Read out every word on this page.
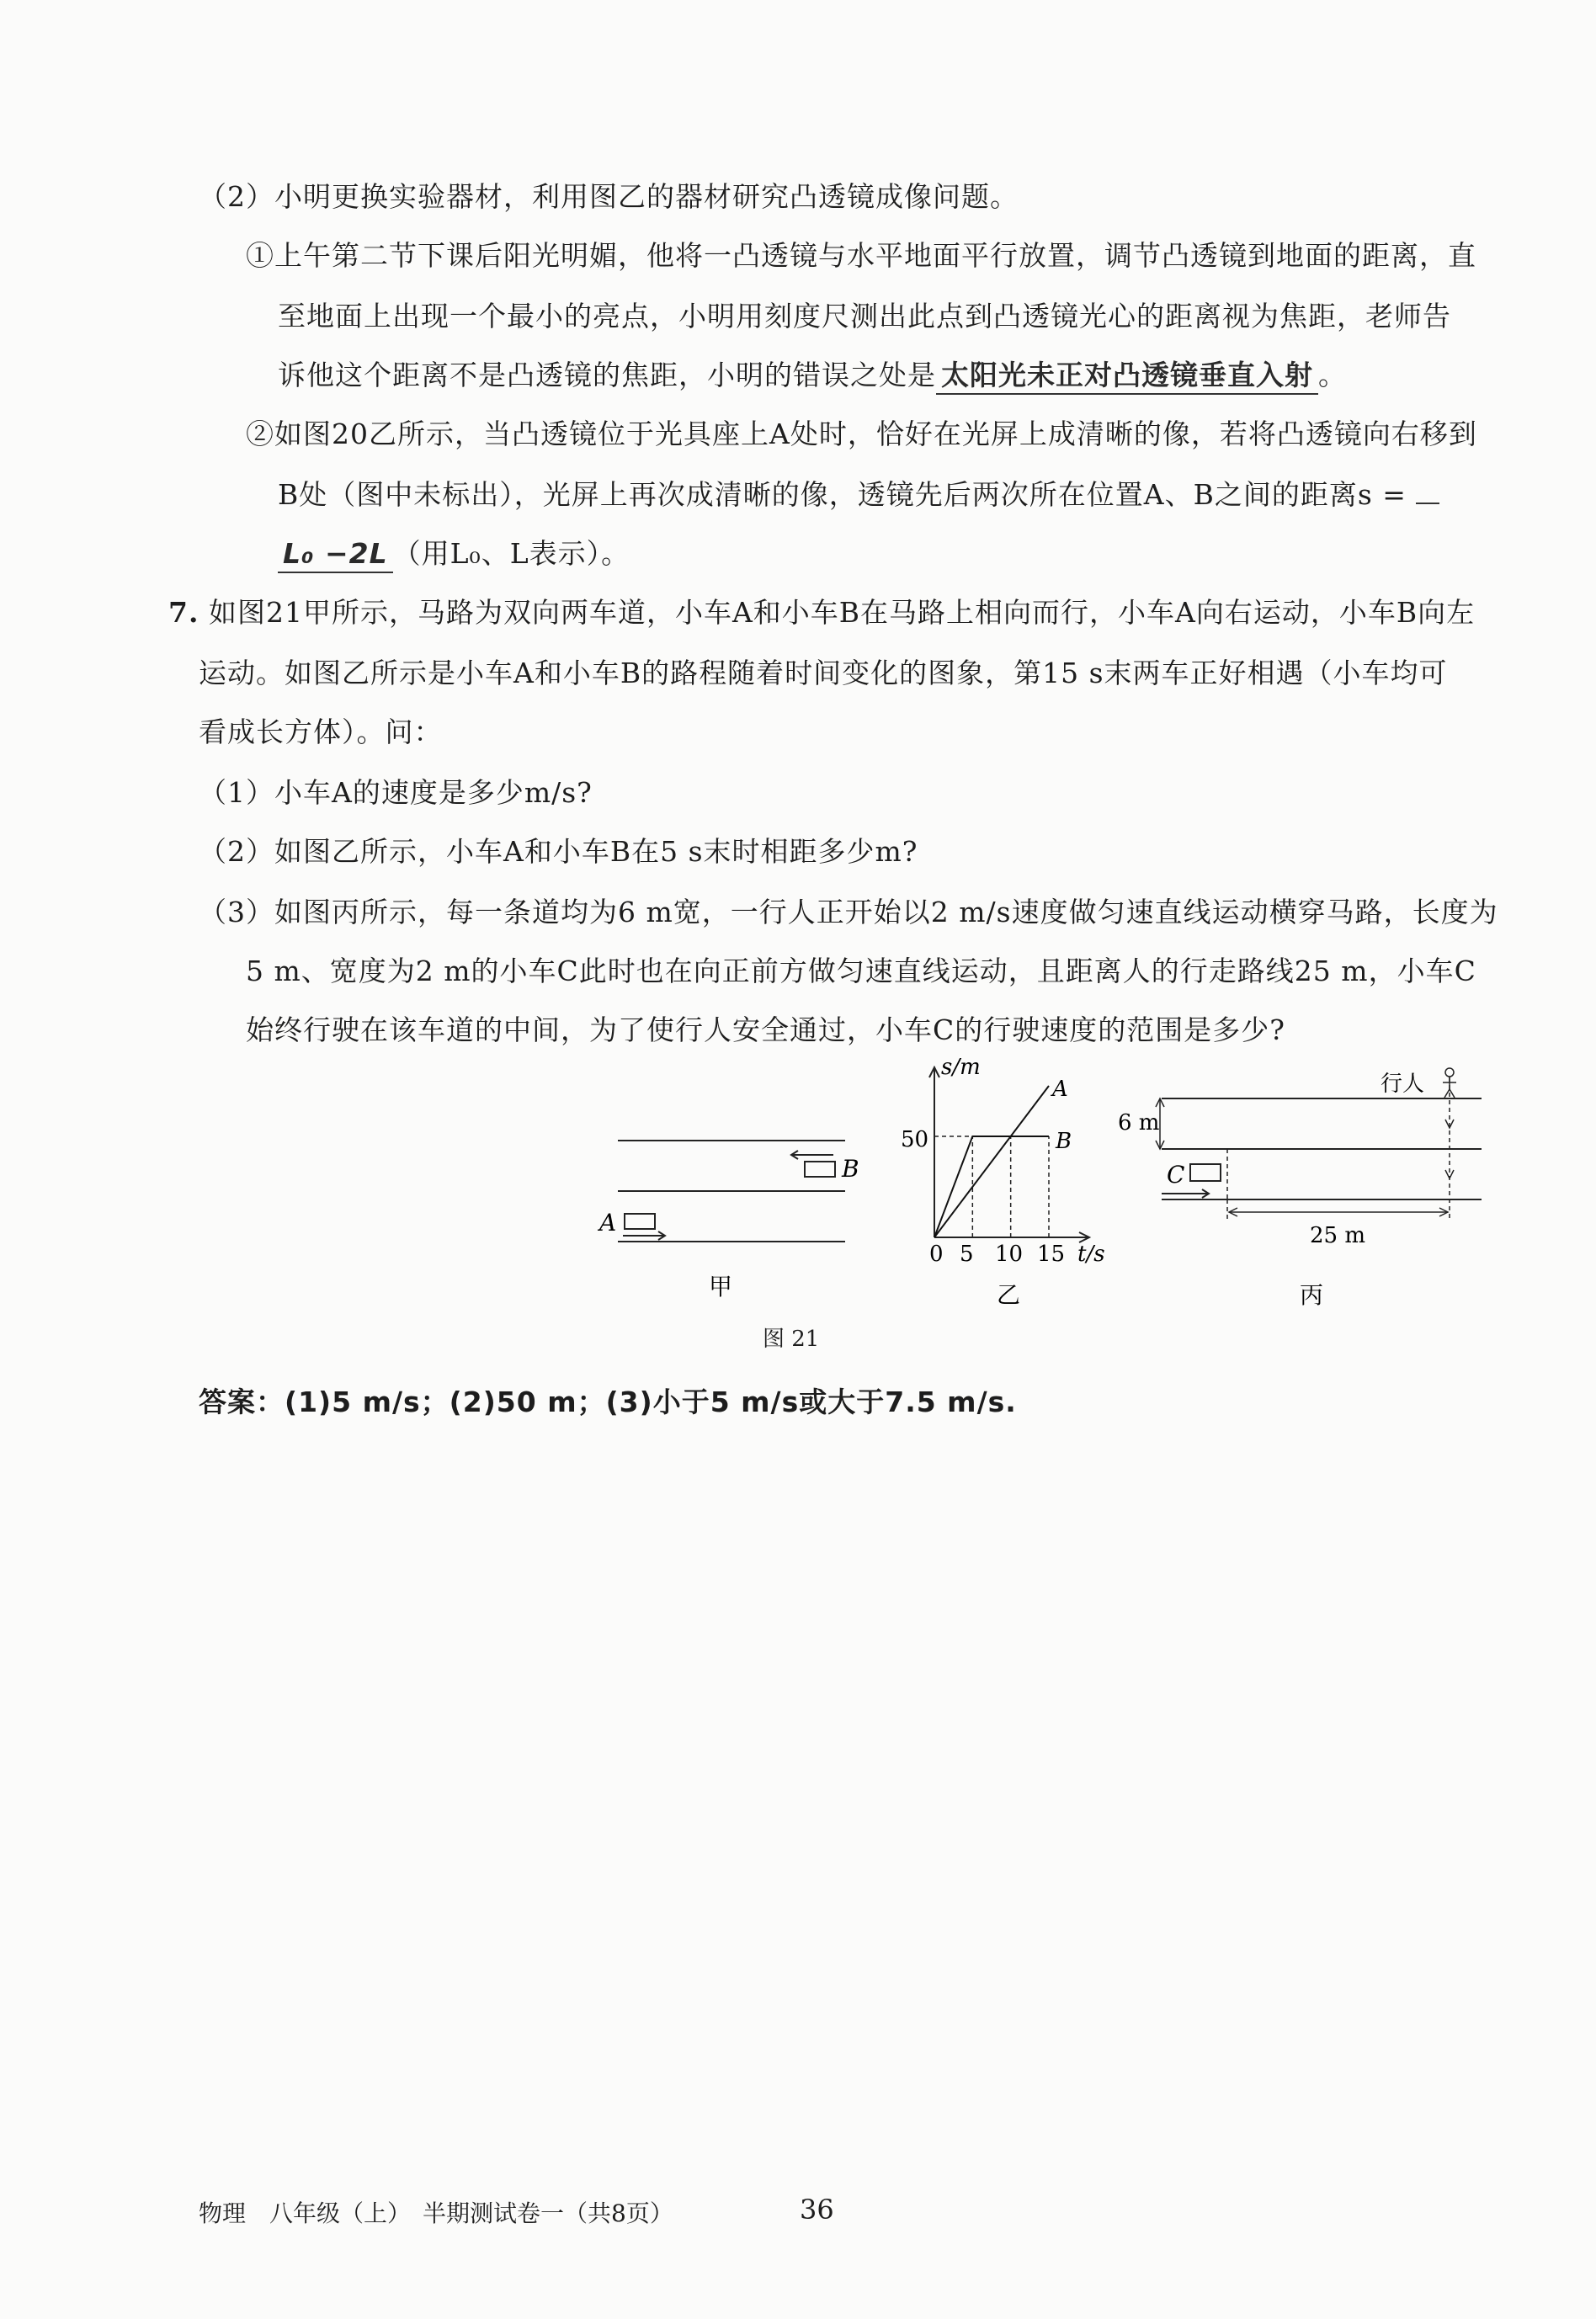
（2）小明更换实验器材，利用图乙的器材研究凸透镜成像问题。
①上午第二节下课后阳光明媚，他将一凸透镜与水平地面平行放置，调节凸透镜到地面的距离，直
至地面上出现一个最小的亮点，小明用刻度尺测出此点到凸透镜光心的距离视为焦距，老师告
诉他这个距离不是凸透镜的焦距，小明的错误之处是 太阳光未正对凸透镜垂直入射 。
②如图20乙所示，当凸透镜位于光具座上A处时，恰好在光屏上成清晰的像，若将凸透镜向右移到
B处（图中未标出），光屏上再次成清晰的像，透镜先后两次所在位置A、B之间的距离s =
L₀ −2L （用L₀、L表示）。
7. 如图21甲所示，马路为双向两车道，小车A和小车B在马路上相向而行，小车A向右运动，小车B向左
运动。如图乙所示是小车A和小车B的路程随着时间变化的图象，第15 s末两车正好相遇（小车均可
看成长方体）。问：
（1）小车A的速度是多少m/s?
（2）如图乙所示，小车A和小车B在5 s末时相距多少m?
（3）如图丙所示，每一条道均为6 m宽，一行人正开始以2 m/s速度做匀速直线运动横穿马路，长度为
5 m、宽度为2 m的小车C此时也在向正前方做匀速直线运动，且距离人的行走路线25 m，小车C
始终行驶在该车道的中间，为了使行人安全通过，小车C的行驶速度的范围是多少?
B
A
甲
s/m
t/s
50
0 5 10 15
A
B
乙
6 m
C
25 m
行人
丙
图 21
答案：(1)5 m/s；(2)50 m；(3)小于5 m/s或大于7.5 m/s.
物理　八年级（上）　半期测试卷一（共8页）	36
